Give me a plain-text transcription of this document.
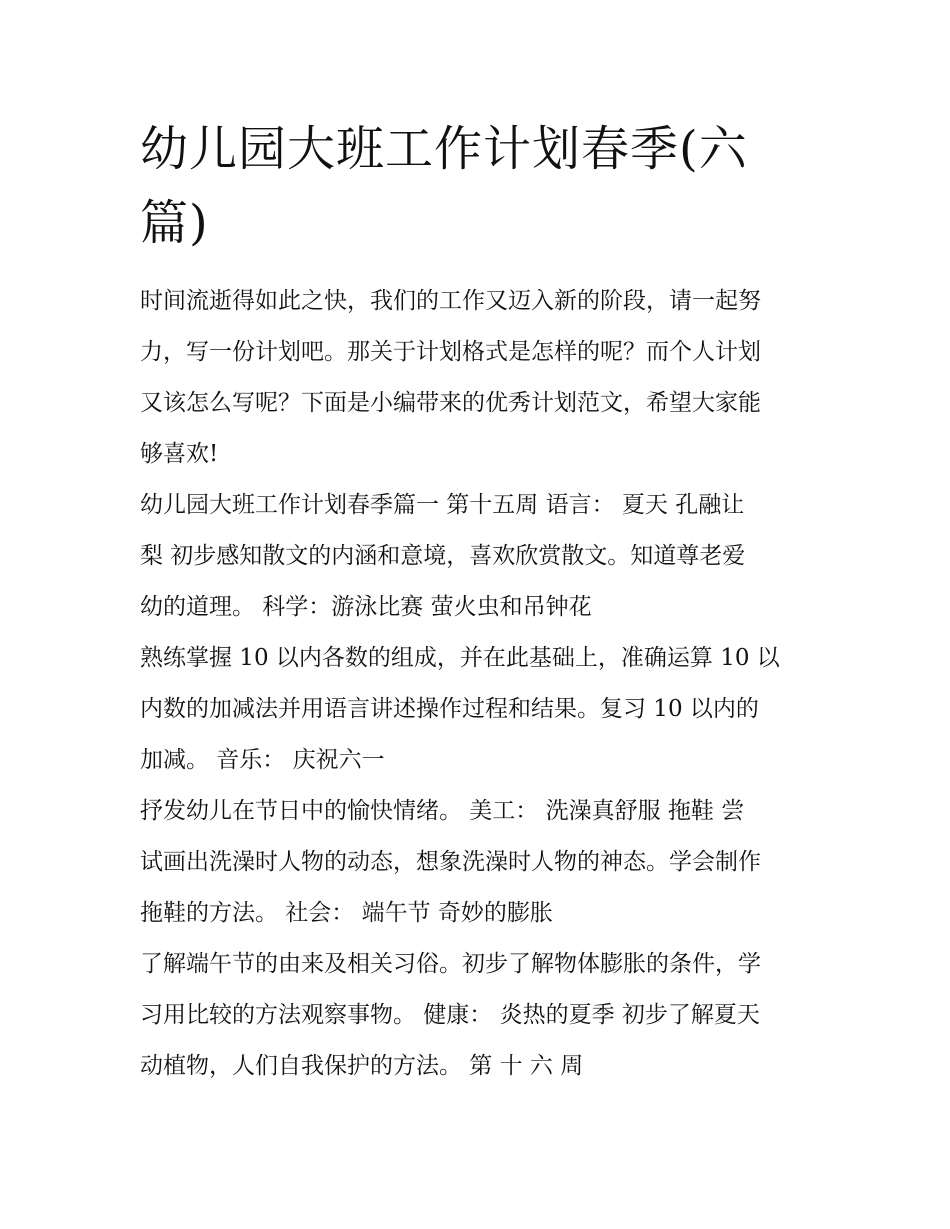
幼儿园大班工作计划春季(六
篇)

时间流逝得如此之快，我们的工作又迈入新的阶段，请一起努
力，写一份计划吧。那关于计划格式是怎样的呢？而个人计划
又该怎么写呢？下面是小编带来的优秀计划范文，希望大家能
够喜欢!

幼儿园大班工作计划春季篇一 第十五周 语言： 夏天 孔融让
梨 初步感知散文的内涵和意境，喜欢欣赏散文。知道尊老爱
幼的道理。 科学：游泳比赛 萤火虫和吊钟花

熟练掌握 10 以内各数的组成，并在此基础上，准确运算 10 以
内数的加减法并用语言讲述操作过程和结果。复习 10 以内的
加减。 音乐： 庆祝六一

抒发幼儿在节日中的愉快情绪。 美工： 洗澡真舒服 拖鞋 尝
试画出洗澡时人物的动态，想象洗澡时人物的神态。学会制作
拖鞋的方法。 社会： 端午节 奇妙的膨胀

了解端午节的由来及相关习俗。初步了解物体膨胀的条件，学
习用比较的方法观察事物。 健康： 炎热的夏季 初步了解夏天
动植物，人们自我保护的方法。 第 十 六 周
